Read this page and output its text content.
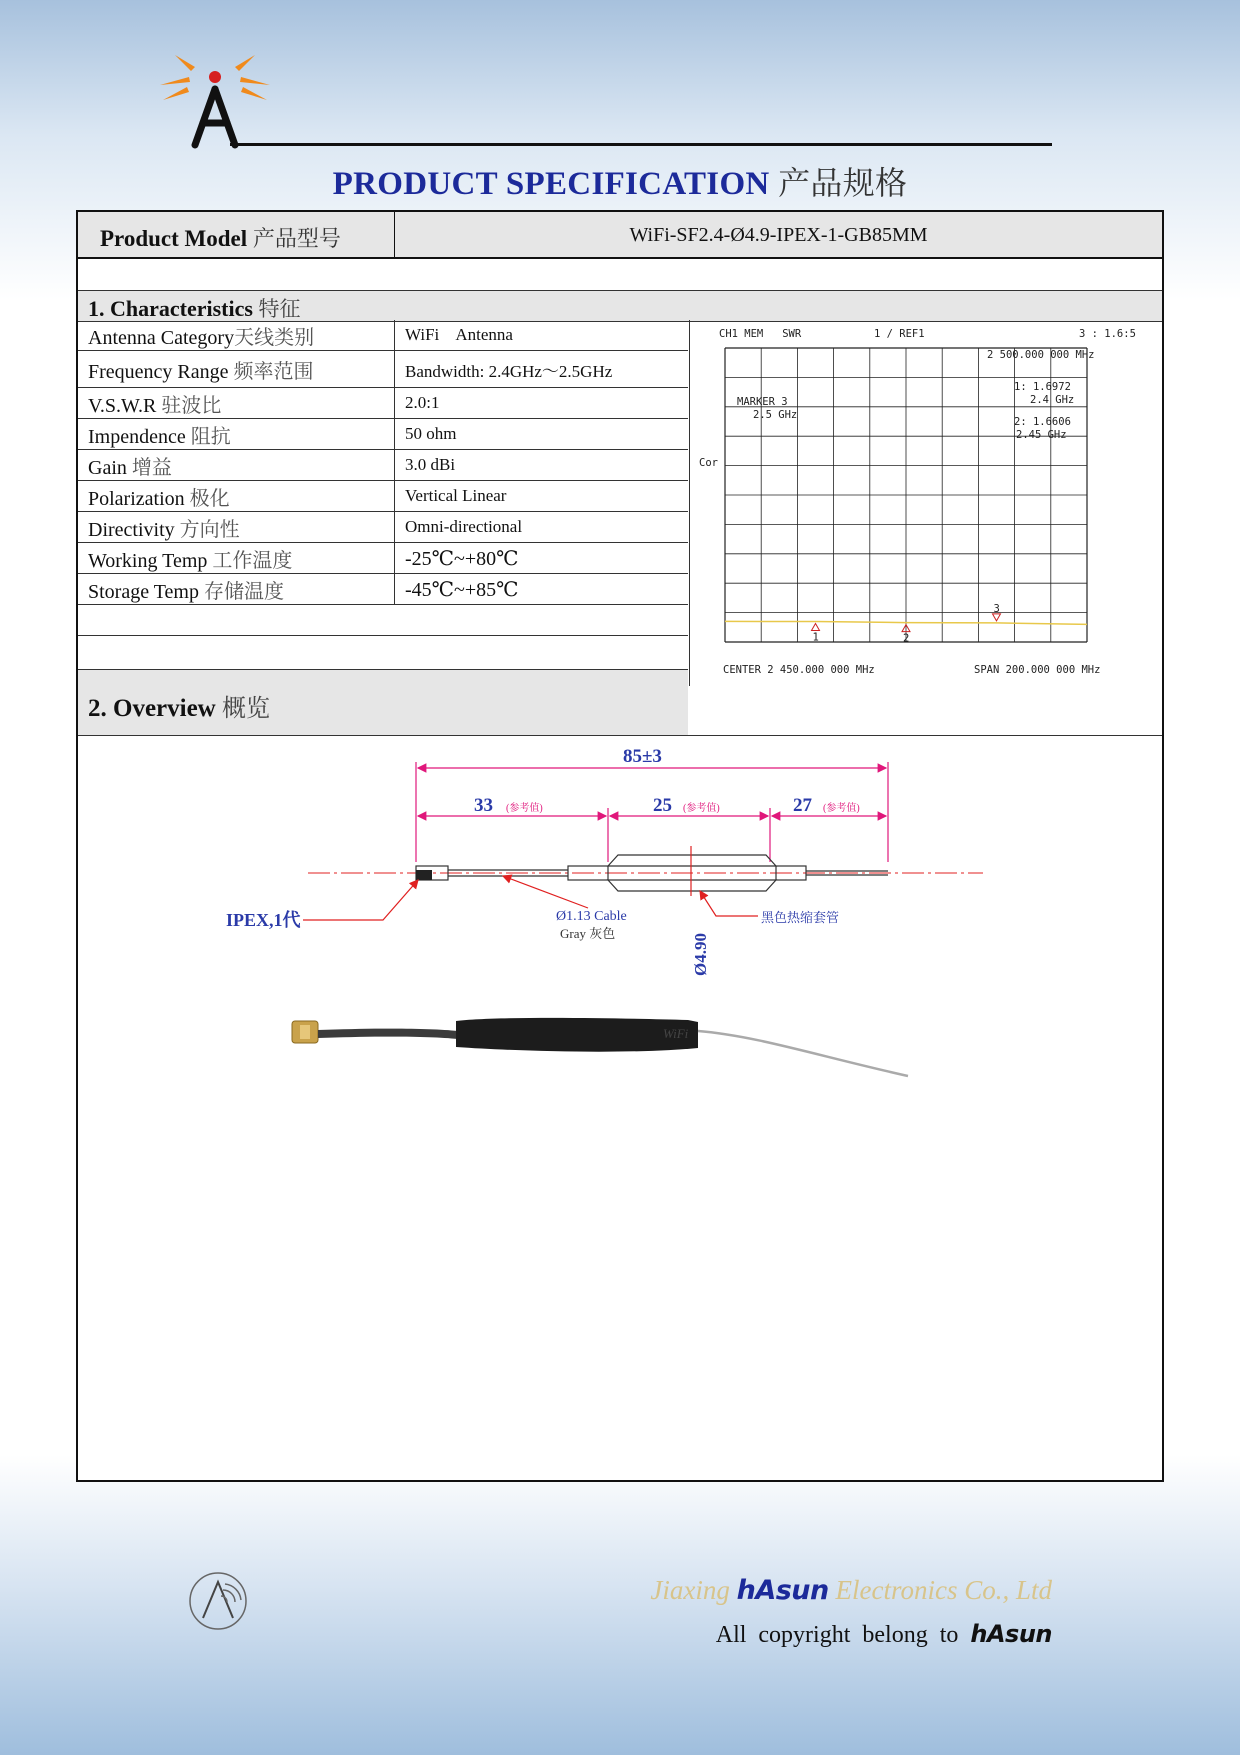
PRODUCT SPECIFICATION 产品规格
Product Model 产品型号	WiFi-SF2.4-Ø4.9-IPEX-1-GB85MM
1. Characteristics 特征
Antenna Category天线类别	WiFi    Antenna
Frequency Range 频率范围	Bandwidth: 2.4GHz～2.5GHz
V.S.W.R 驻波比	2.0:1
Impendence 阻抗	50 ohm
Gain 增益	3.0 dBi
Polarization 极化	Vertical Linear
Directivity 方向性	Omni-directional
Working Temp 工作温度	-25℃~+80℃
Storage Temp 存储温度	-45℃~+85℃

CH1 MEM   SWR	1 / REF1	3 : 1.6:5
Cor
2 500.000 000 MHz
MARKER 3
2.5 GHz
1: 1.6972
2.4 GHz
2: 1.6606
2.45 GHz
1	2
3
CENTER 2 450.000 000 MHz	SPAN 200.000 000 MHz
2. Overview 概览
85±3
33 (参考值)	25 (参考值)	27 (参考值)
Ø4.90
IPEX,1代	Ø1.13 Cable
Gray 灰色
黑色热缩套管
WiFi
Jiaxing hAsun Electronics Co., Ltd
All copyright belong to hAsun
